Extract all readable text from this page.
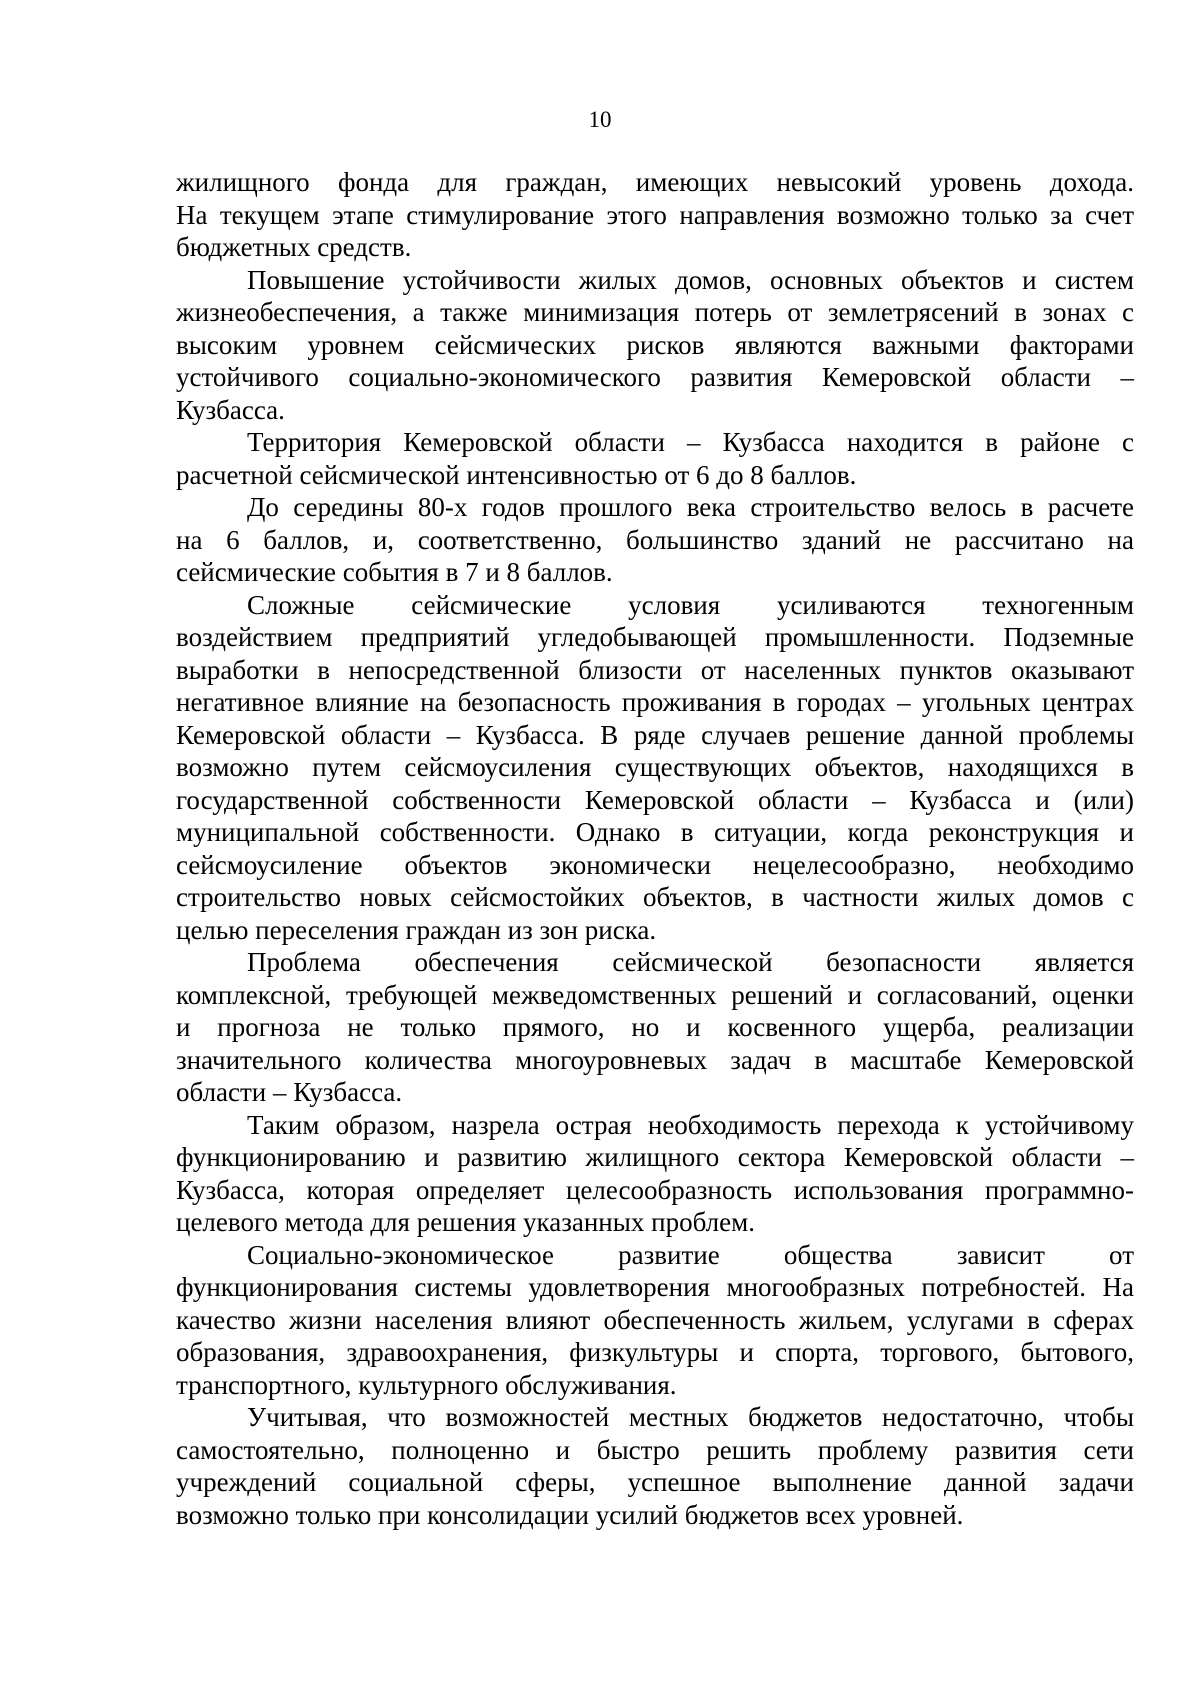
10
жилищного фонда для граждан, имеющих невысокий уровень дохода.
На текущем этапе стимулирование этого направления возможно только за счет
бюджетных средств.
Повышение устойчивости жилых домов, основных объектов и систем
жизнеобеспечения, а также минимизация потерь от землетрясений в зонах с
высоким уровнем сейсмических рисков являются важными факторами
устойчивого социально-экономического развития Кемеровской области –
Кузбасса.
Территория Кемеровской области – Кузбасса находится в районе с
расчетной сейсмической интенсивностью от 6 до 8 баллов.
До середины 80-х годов прошлого века строительство велось в расчете
на 6 баллов, и, соответственно, большинство зданий не рассчитано на
сейсмические события в 7 и 8 баллов.
Сложные сейсмические условия усиливаются техногенным
воздействием предприятий угледобывающей промышленности. Подземные
выработки в непосредственной близости от населенных пунктов оказывают
негативное влияние на безопасность проживания в городах – угольных центрах
Кемеровской области – Кузбасса. В ряде случаев решение данной проблемы
возможно путем сейсмоусиления существующих объектов, находящихся в
государственной собственности Кемеровской области – Кузбасса и (или)
муниципальной собственности. Однако в ситуации, когда реконструкция и
сейсмоусиление объектов экономически нецелесообразно, необходимо
строительство новых сейсмостойких объектов, в частности жилых домов с
целью переселения граждан из зон риска.
Проблема обеспечения сейсмической безопасности является
комплексной, требующей межведомственных решений и согласований, оценки
и прогноза не только прямого, но и косвенного ущерба, реализации
значительного количества многоуровневых задач в масштабе Кемеровской
области – Кузбасса.
Таким образом, назрела острая необходимость перехода к устойчивому
функционированию и развитию жилищного сектора Кемеровской области –
Кузбасса, которая определяет целесообразность использования программно-
целевого метода для решения указанных проблем.
Социально-экономическое развитие общества зависит от
функционирования системы удовлетворения многообразных потребностей. На
качество жизни населения влияют обеспеченность жильем, услугами в сферах
образования, здравоохранения, физкультуры и спорта, торгового, бытового,
транспортного, культурного обслуживания.
Учитывая, что возможностей местных бюджетов недостаточно, чтобы
самостоятельно, полноценно и быстро решить проблему развития сети
учреждений социальной сферы, успешное выполнение данной задачи
возможно только при консолидации усилий бюджетов всех уровней.
